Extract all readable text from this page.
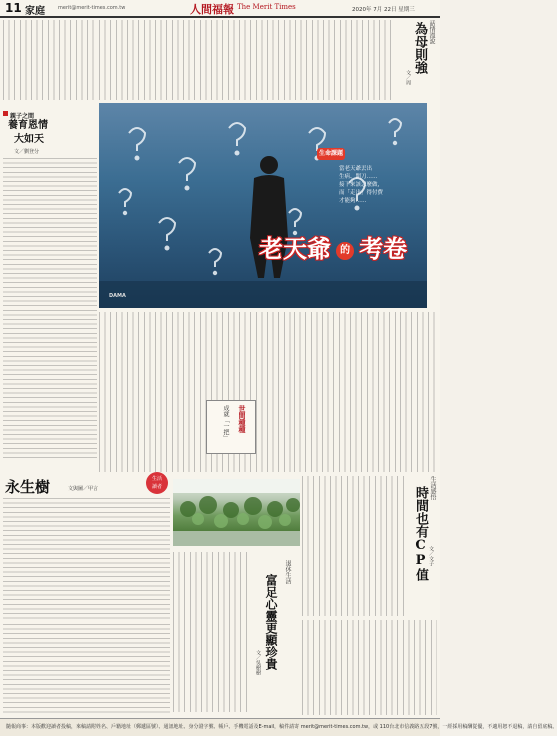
11 家庭	merit@merit-times.com.tw	人間福報 The Merit Times	2020年 7月 22日 星期三
話情漫說
為母則強
文／周
親子之間
養育恩情
大如天
文／劉登分	生命課題
當老天爺丟出
生病、開刀……
接下來該怎麼做，
而「走出」得付費
才能夠……
老天爺 的 考卷
DAMA
世間種種
成就「一把」
永生樹	文與圖／甲言
生活
讀者	生活感悟
時間也有CP值 文／文子
退休生活
富足心靈更顯珍貴
文／吳樹樹
隨報商事：本版歡迎讀者投稿，來稿請附姓名、戶籍地址（郵遞區號）、通訊地址、身分證字號、帳戶、手機電話及E-mail，稿件請寄 merit@merit-times.com.tw，或 110台北市信義路五段7號，一經採用稿酬從優，不適用恕不退稿，請自留底稿。
